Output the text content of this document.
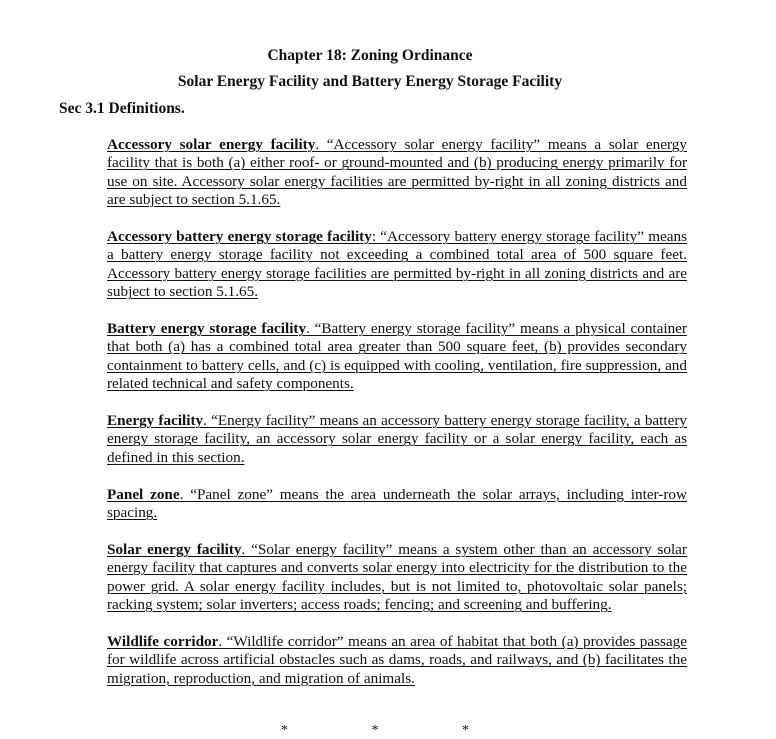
Chapter 18: Zoning Ordinance
Solar Energy Facility and Battery Energy Storage Facility
Sec 3.1 Definitions.

Accessory solar energy facility. “Accessory solar energy facility” means a solar energy facility that is both (a) either roof- or ground-mounted and (b) producing energy primarily for use on site. Accessory solar energy facilities are permitted by-right in all zoning districts and are subject to section 5.1.65.

Accessory battery energy storage facility: “Accessory battery energy storage facility” means a battery energy storage facility not exceeding a combined total area of 500 square feet. Accessory battery energy storage facilities are permitted by-right in all zoning districts and are subject to section 5.1.65.

Battery energy storage facility. “Battery energy storage facility” means a physical container that both (a) has a combined total area greater than 500 square feet, (b) provides secondary containment to battery cells, and (c) is equipped with cooling, ventilation, fire suppression, and related technical and safety components.

Energy facility. “Energy facility” means an accessory battery energy storage facility, a battery energy storage facility, an accessory solar energy facility or a solar energy facility, each as defined in this section.

Panel zone. “Panel zone” means the area underneath the solar arrays, including inter-row spacing.

Solar energy facility. “Solar energy facility” means a system other than an accessory solar energy facility that captures and converts solar energy into electricity for the distribution to the power grid. A solar energy facility includes, but is not limited to, photovoltaic solar panels; racking system; solar inverters; access roads; fencing; and screening and buffering.

Wildlife corridor. “Wildlife corridor” means an area of habitat that both (a) provides passage for wildlife across artificial obstacles such as dams, roads, and railways, and (b) facilitates the migration, reproduction, and migration of animals.

* * *
